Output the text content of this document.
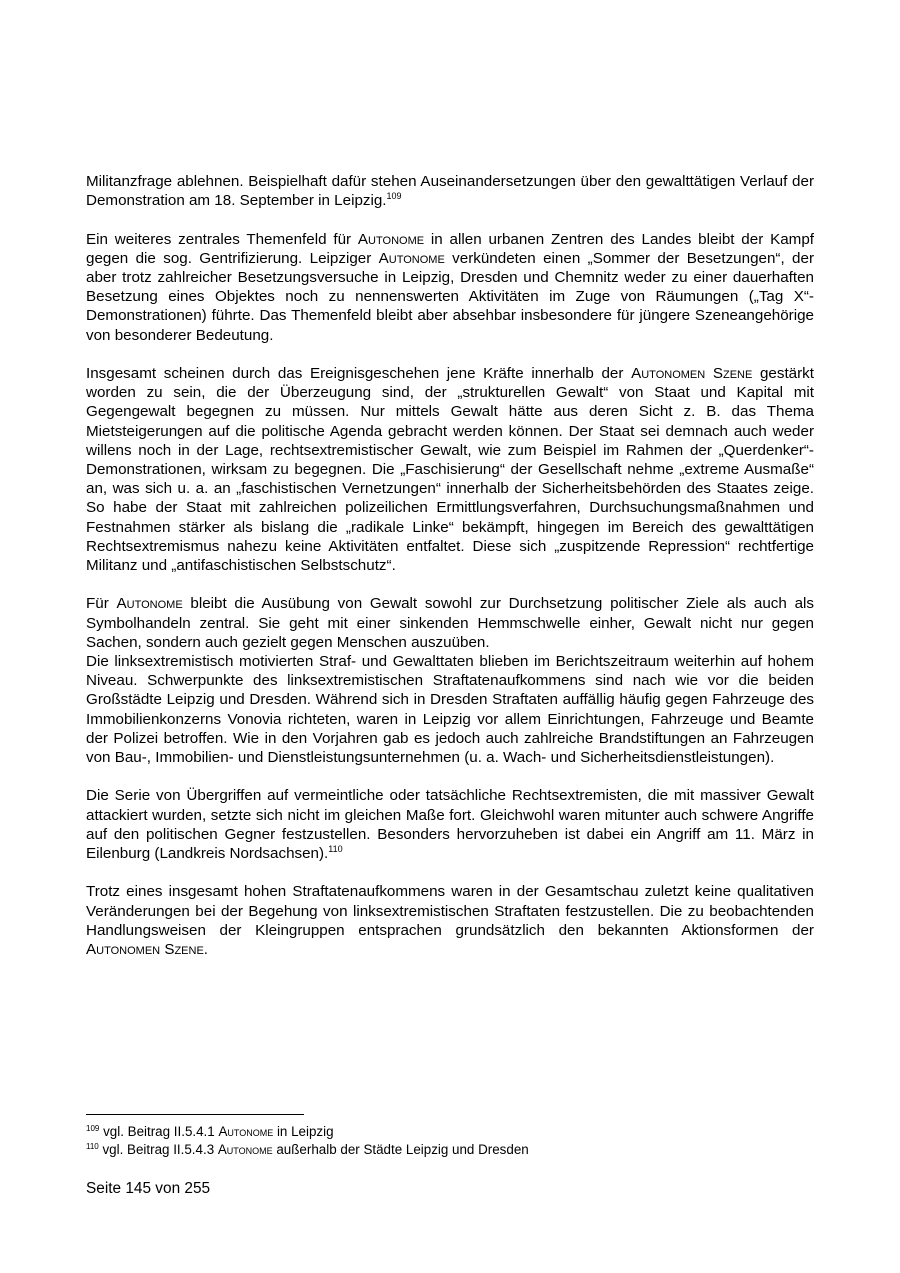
Militanzfrage ablehnen. Beispielhaft dafür stehen Auseinandersetzungen über den gewalttätigen Verlauf der Demonstration am 18. September in Leipzig.$^{109}$

Ein weiteres zentrales Themenfeld für Autonome in allen urbanen Zentren des Landes bleibt der Kampf gegen die sog. Gentrifizierung. Leipziger Autonome verkündeten einen „Sommer der Besetzungen“, der aber trotz zahlreicher Besetzungsversuche in Leipzig, Dresden und Chemnitz weder zu einer dauerhaften Besetzung eines Objektes noch zu nennenswerten Aktivitäten im Zuge von Räumungen („Tag X“-Demonstrationen) führte. Das Themenfeld bleibt aber absehbar insbesondere für jüngere Szeneangehörige von besonderer Bedeutung.

Insgesamt scheinen durch das Ereignisgeschehen jene Kräfte innerhalb der Autonomen Szene gestärkt worden zu sein, die der Überzeugung sind, der „strukturellen Gewalt“ von Staat und Kapital mit Gegengewalt begegnen zu müssen. Nur mittels Gewalt hätte aus deren Sicht z. B. das Thema Mietsteigerungen auf die politische Agenda gebracht werden können. Der Staat sei demnach auch weder willens noch in der Lage, rechtsextremistischer Gewalt, wie zum Beispiel im Rahmen der „Querdenker“-Demonstrationen, wirksam zu begegnen. Die „Faschisierung“ der Gesellschaft nehme „extreme Ausmaße“ an, was sich u. a. an „faschistischen Vernetzungen“ innerhalb der Sicherheitsbehörden des Staates zeige. So habe der Staat mit zahlreichen polizeilichen Ermittlungsverfahren, Durchsuchungsmaßnahmen und Festnahmen stärker als bislang die „radikale Linke“ bekämpft, hingegen im Bereich des gewalttätigen Rechtsextremismus nahezu keine Aktivitäten entfaltet. Diese sich „zuspitzende Repression“ rechtfertige Militanz und „antifaschistischen Selbstschutz“.

Für Autonome bleibt die Ausübung von Gewalt sowohl zur Durchsetzung politischer Ziele als auch als Symbolhandeln zentral. Sie geht mit einer sinkenden Hemmschwelle einher, Gewalt nicht nur gegen Sachen, sondern auch gezielt gegen Menschen auszuüben.

Die linksextremistisch motivierten Straf- und Gewalttaten blieben im Berichtszeitraum weiterhin auf hohem Niveau. Schwerpunkte des linksextremistischen Straftatenaufkommens sind nach wie vor die beiden Großstädte Leipzig und Dresden. Während sich in Dresden Straftaten auffällig häufig gegen Fahrzeuge des Immobilienkonzerns Vonovia richteten, waren in Leipzig vor allem Einrichtungen, Fahrzeuge und Beamte der Polizei betroffen. Wie in den Vorjahren gab es jedoch auch zahlreiche Brandstiftungen an Fahrzeugen von Bau-, Immobilien- und Dienstleistungsunternehmen (u. a. Wach- und Sicherheitsdienstleistungen).

Die Serie von Übergriffen auf vermeintliche oder tatsächliche Rechtsextremisten, die mit massiver Gewalt attackiert wurden, setzte sich nicht im gleichen Maße fort. Gleichwohl waren mitunter auch schwere Angriffe auf den politischen Gegner festzustellen. Besonders hervorzuheben ist dabei ein Angriff am 11. März in Eilenburg (Landkreis Nordsachsen).$^{110}$

Trotz eines insgesamt hohen Straftatenaufkommens waren in der Gesamtschau zuletzt keine qualitativen Veränderungen bei der Begehung von linksextremistischen Straftaten festzustellen. Die zu beobachtenden Handlungsweisen der Kleingruppen entsprachen grundsätzlich den bekannten Aktionsformen der Autonomen Szene.

$^{109}$ vgl. Beitrag II.5.4.1 Autonome in Leipzig
$^{110}$ vgl. Beitrag II.5.4.3 Autonome außerhalb der Städte Leipzig und Dresden
Seite 145 von 255
